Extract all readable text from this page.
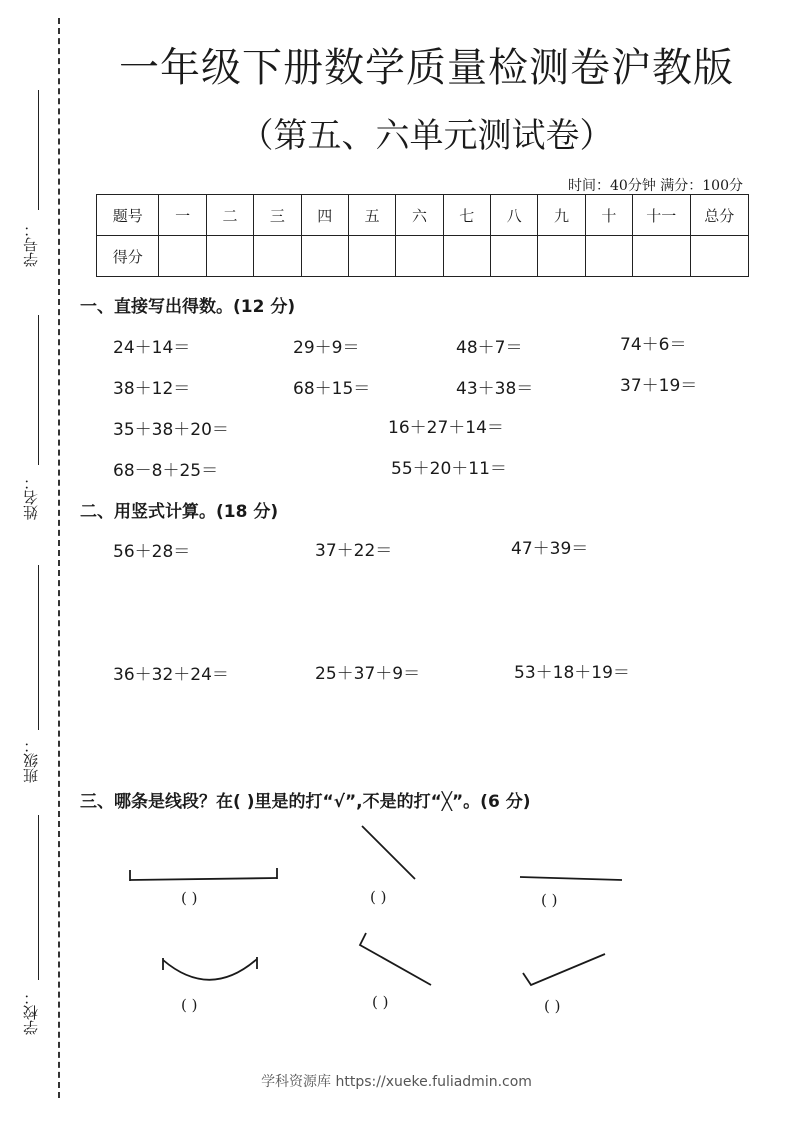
学号：
姓名：
班级：
学校：
一年级下册数学质量检测卷沪教版
（第五、六单元测试卷）
时间：40分钟 满分：100分
题号	一	二	三	四	五	六	七	八	九	十	十一	总分
得分												
一、直接写出得数。(12 分)
24＋14＝	29＋9＝	48＋7＝	74＋6＝
38＋12＝	68＋15＝	43＋38＝	37＋19＝
35＋38＋20＝	16＋27＋14＝
68－8＋25＝	55＋20＋11＝
二、用竖式计算。(18 分)
56＋28＝	37＋22＝	47＋39＝
36＋32＋24＝	25＋37＋9＝	53＋18＋19＝
三、哪条是线段？在( )里是的打“√”,不是的打“╳”。(6 分)
( )	( )	( )
( )	( )	( )
学科资源库 https://xueke.fuliadmin.com
